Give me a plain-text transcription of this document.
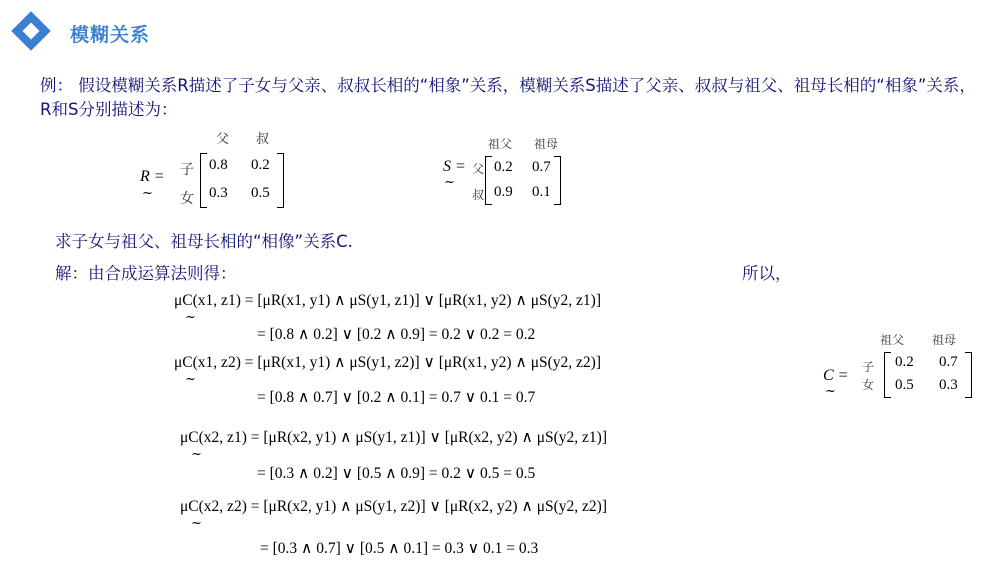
模糊关系
例： 假设模糊关系R描述了子女与父亲、叔叔长相的“相象”关系，模糊关系S描述了父亲、叔叔与祖父、祖母长相的“相象”关系，R和S分别描述为：
R =
~
父 叔
子
女
0.8 0.2
0.3 0.5
S =
~
祖父 祖母
父
叔
0.2 0.7
0.9 0.1
求子女与祖父、祖母长相的“相像”关系C.
解：由合成运算法则得：	所以，
μC(x1, z1) = [μR(x1, y1) ∧ μS(y1, z1)] ∨ [μR(x1, y2) ∧ μS(y2, z1)]
~
= [0.8 ∧ 0.2] ∨ [0.2 ∧ 0.9] = 0.2 ∨ 0.2 = 0.2
μC(x1, z2) = [μR(x1, y1) ∧ μS(y1, z2)] ∨ [μR(x1, y2) ∧ μS(y2, z2)]
~
= [0.8 ∧ 0.7] ∨ [0.2 ∧ 0.1] = 0.7 ∨ 0.1 = 0.7
μC(x2, z1) = [μR(x2, y1) ∧ μS(y1, z1)] ∨ [μR(x2, y2) ∧ μS(y2, z1)]
~
= [0.3 ∧ 0.2] ∨ [0.5 ∧ 0.9] = 0.2 ∨ 0.5 = 0.5
μC(x2, z2) = [μR(x2, y1) ∧ μS(y1, z2)] ∨ [μR(x2, y2) ∧ μS(y2, z2)]
~
= [0.3 ∧ 0.7] ∨ [0.5 ∧ 0.1] = 0.3 ∨ 0.1 = 0.3
C =
~
祖父 祖母
子
女
0.2 0.7
0.5 0.3
